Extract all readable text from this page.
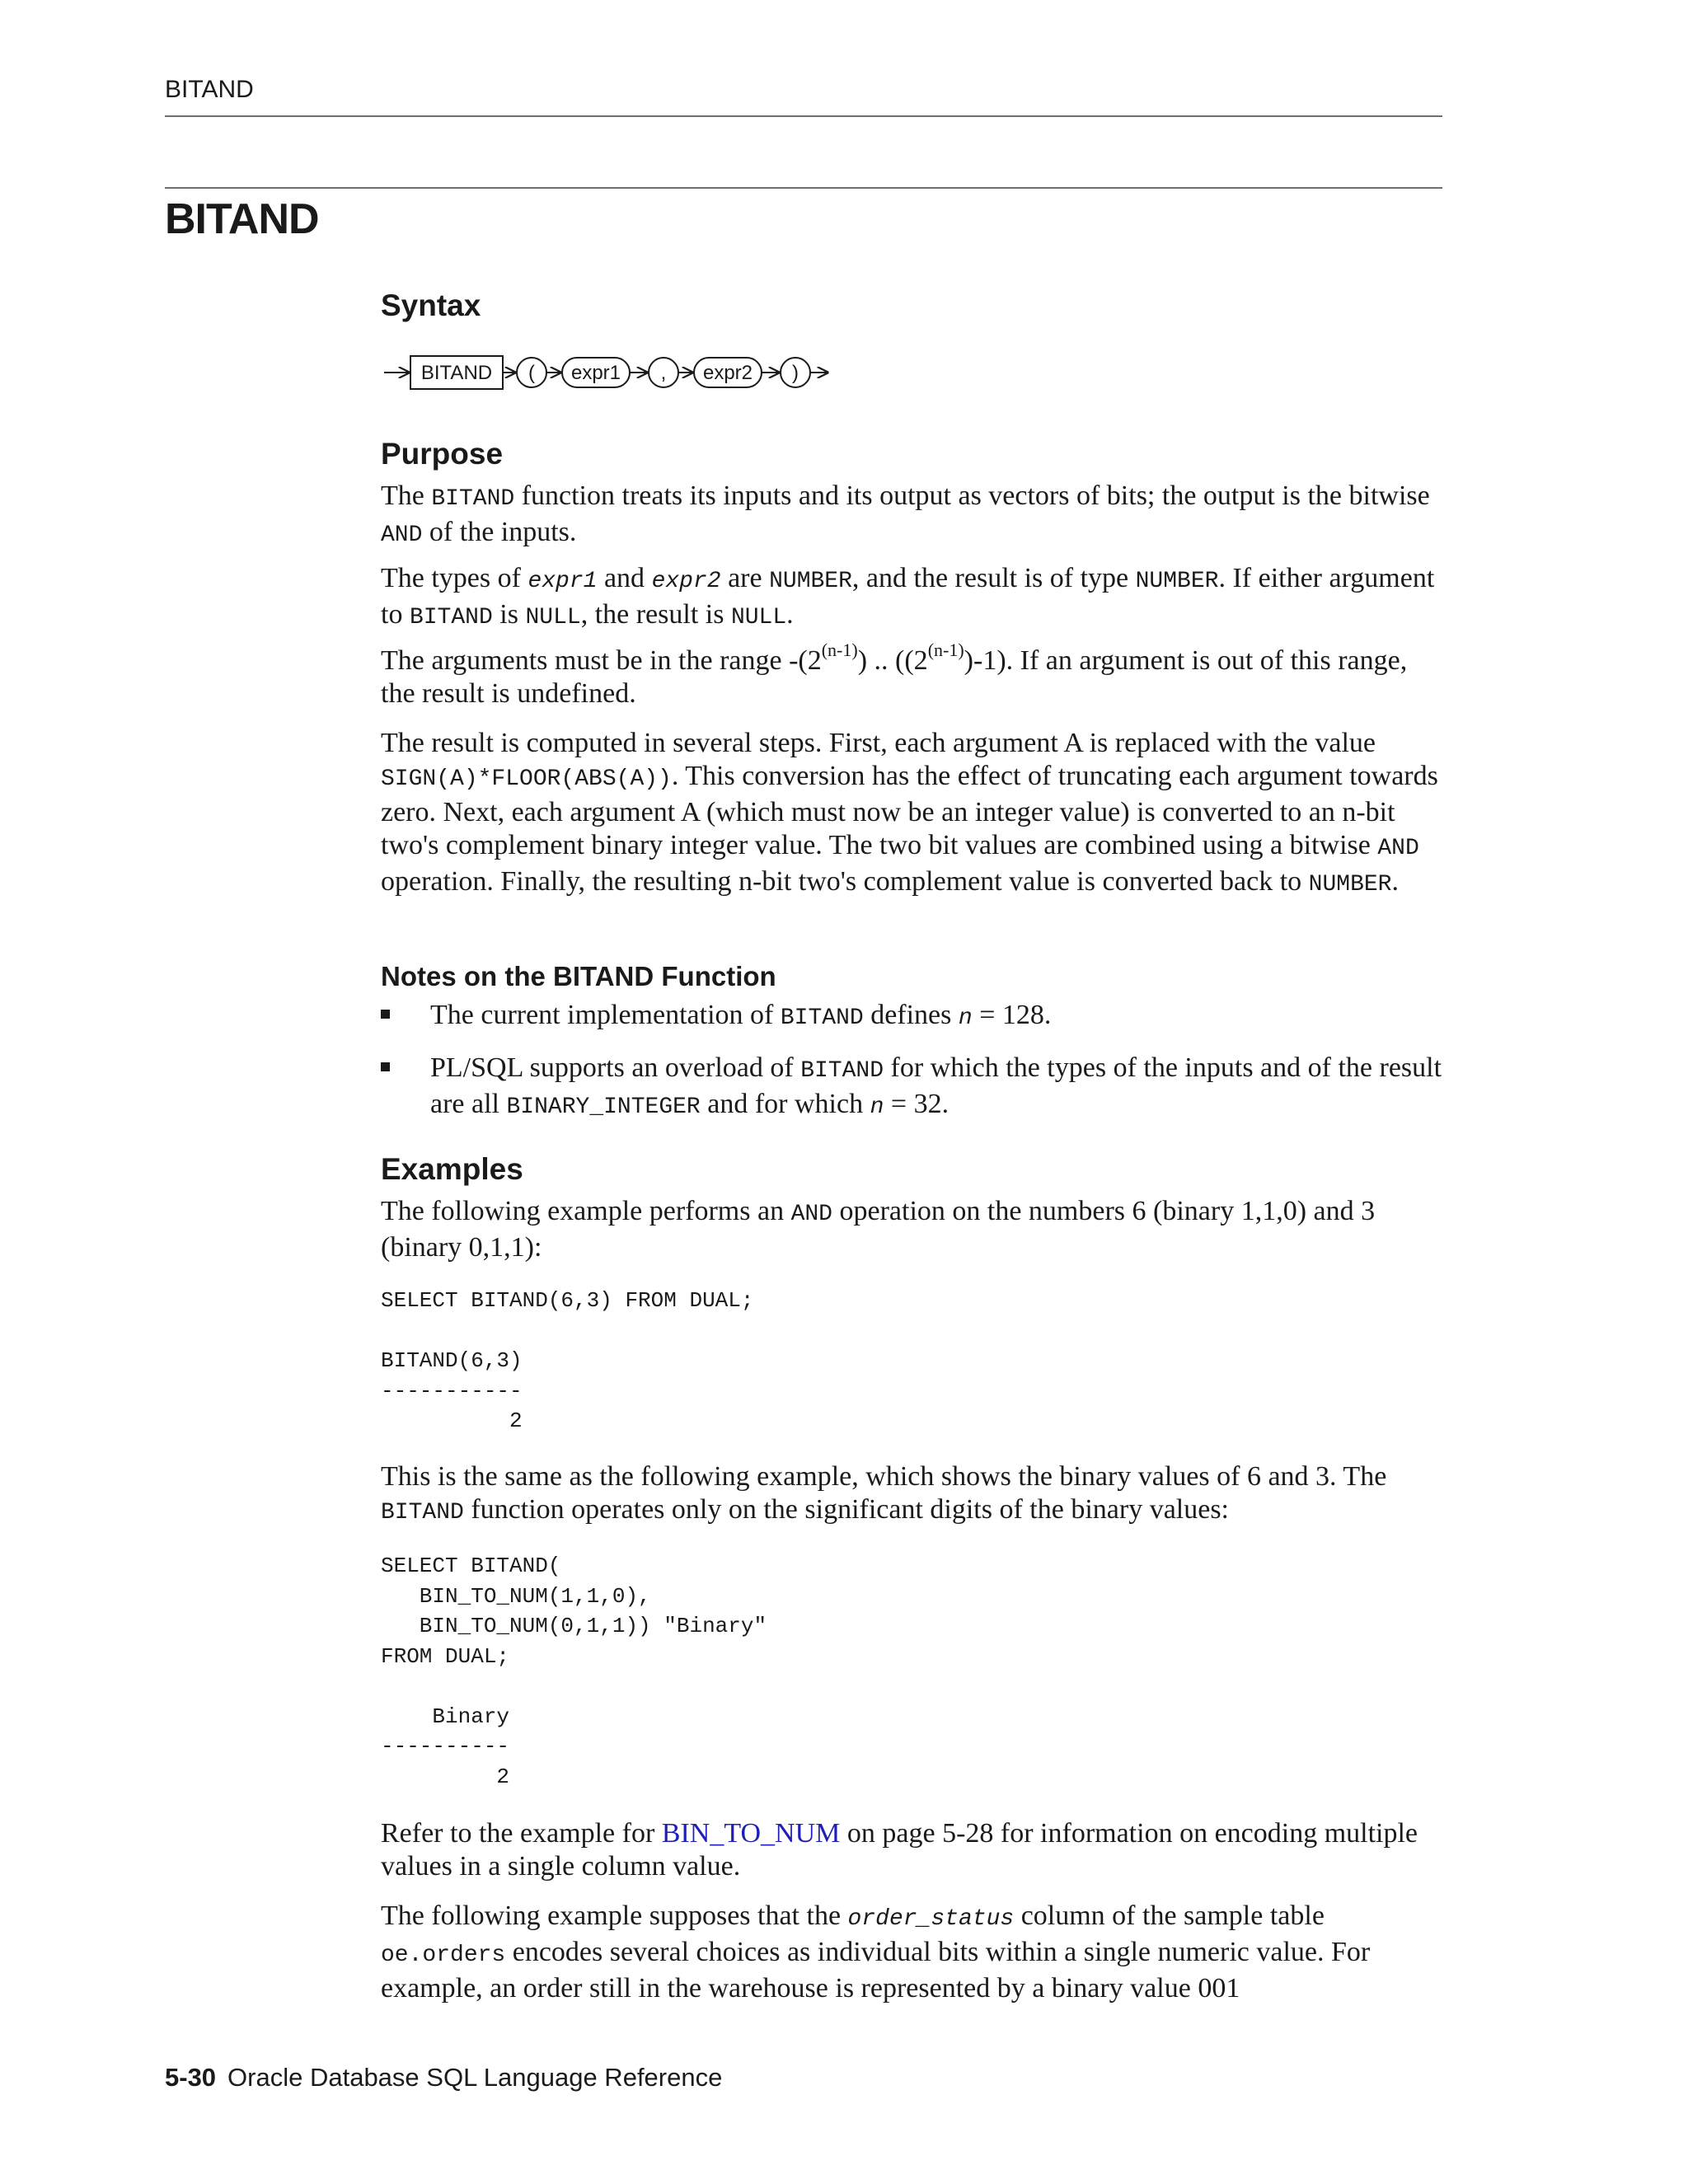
BITAND
BITAND
Syntax
BITAND ( expr1 , expr2 )
Purpose

The BITAND function treats its inputs and its output as vectors of bits; the output is the bitwise AND of the inputs.

The types of expr1 and expr2 are NUMBER, and the result is of type NUMBER. If either argument to BITAND is NULL, the result is NULL.

The arguments must be in the range -(2$^{(n-1)}$) .. ((2$^{(n-1)}$)-1). If an argument is out of this range, the result is undefined.

The result is computed in several steps. First, each argument A is replaced with the value SIGN(A)*FLOOR(ABS(A)). This conversion has the effect of truncating each argument towards zero. Next, each argument A (which must now be an integer value) is converted to an n-bit two's complement binary integer value. The two bit values are combined using a bitwise AND operation. Finally, the resulting n-bit two's complement value is converted back to NUMBER.

Notes on the BITAND Function

The current implementation of BITAND defines n = 128.

PL/SQL supports an overload of BITAND for which the types of the inputs and of the result are all BINARY_INTEGER and for which n = 32.

Examples

The following example performs an AND operation on the numbers 6 (binary 1,1,0) and 3 (binary 0,1,1):

SELECT BITAND(6,3) FROM DUAL;

BITAND(6,3)
-----------
2

This is the same as the following example, which shows the binary values of 6 and 3. The BITAND function operates only on the significant digits of the binary values:

SELECT BITAND(
BIN_TO_NUM(1,1,0),
BIN_TO_NUM(0,1,1)) "Binary"
FROM DUAL;

Binary
----------
2

Refer to the example for BIN_TO_NUM on page 5-28 for information on encoding multiple values in a single column value.

The following example supposes that the order_status column of the sample table oe.orders encodes several choices as individual bits within a single numeric value. For example, an order still in the warehouse is represented by a binary value 001

5-30 Oracle Database SQL Language Reference
